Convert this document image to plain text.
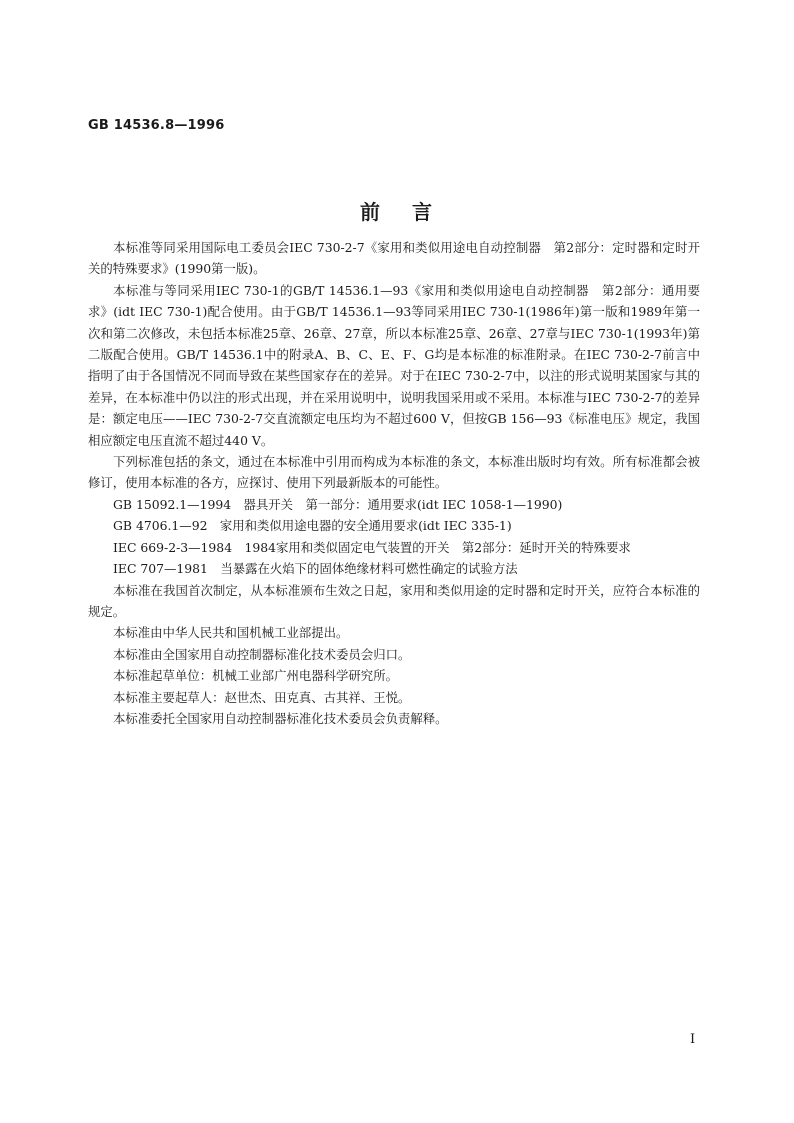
GB 14536.8—1996
前 言

本标准等同采用国际电工委员会IEC 730-2-7《家用和类似用途电自动控制器　第2部分：定时器和定时开关的特殊要求》(1990第一版)。

本标准与等同采用IEC 730-1的GB/T 14536.1—93《家用和类似用途电自动控制器　第2部分：通用要求》(idt IEC 730-1)配合使用。由于GB/T 14536.1—93等同采用IEC 730-1(1986年)第一版和1989年第一次和第二次修改，未包括本标准25章、26章、27章，所以本标准25章、26章、27章与IEC 730-1(1993年)第二版配合使用。GB/T 14536.1中的附录A、B、C、E、F、G均是本标准的标准附录。在IEC 730-2-7前言中指明了由于各国情况不同而导致在某些国家存在的差异。对于在IEC 730-2-7中，以注的形式说明某国家与其的差异，在本标准中仍以注的形式出现，并在采用说明中，说明我国采用或不采用。本标准与IEC 730-2-7的差异是：额定电压——IEC 730-2-7交直流额定电压均为不超过600 V，但按GB 156—93《标准电压》规定，我国相应额定电压直流不超过440 V。

下列标准包括的条文，通过在本标准中引用而构成为本标准的条文，本标准出版时均有效。所有标准都会被修订，使用本标准的各方，应探讨、使用下列最新版本的可能性。

GB 15092.1—1994　器具开关　第一部分：通用要求(idt IEC 1058-1—1990)

GB 4706.1—92　家用和类似用途电器的安全通用要求(idt IEC 335-1)

IEC 669-2-3—1984　1984家用和类似固定电气装置的开关　第2部分：延时开关的特殊要求

IEC 707—1981　当暴露在火焰下的固体绝缘材料可燃性确定的试验方法

本标准在我国首次制定，从本标准颁布生效之日起，家用和类似用途的定时器和定时开关，应符合本标准的规定。

本标准由中华人民共和国机械工业部提出。

本标准由全国家用自动控制器标准化技术委员会归口。

本标准起草单位：机械工业部广州电器科学研究所。

本标准主要起草人：赵世杰、田克真、古其祥、王悦。

本标准委托全国家用自动控制器标准化技术委员会负责解释。

I
